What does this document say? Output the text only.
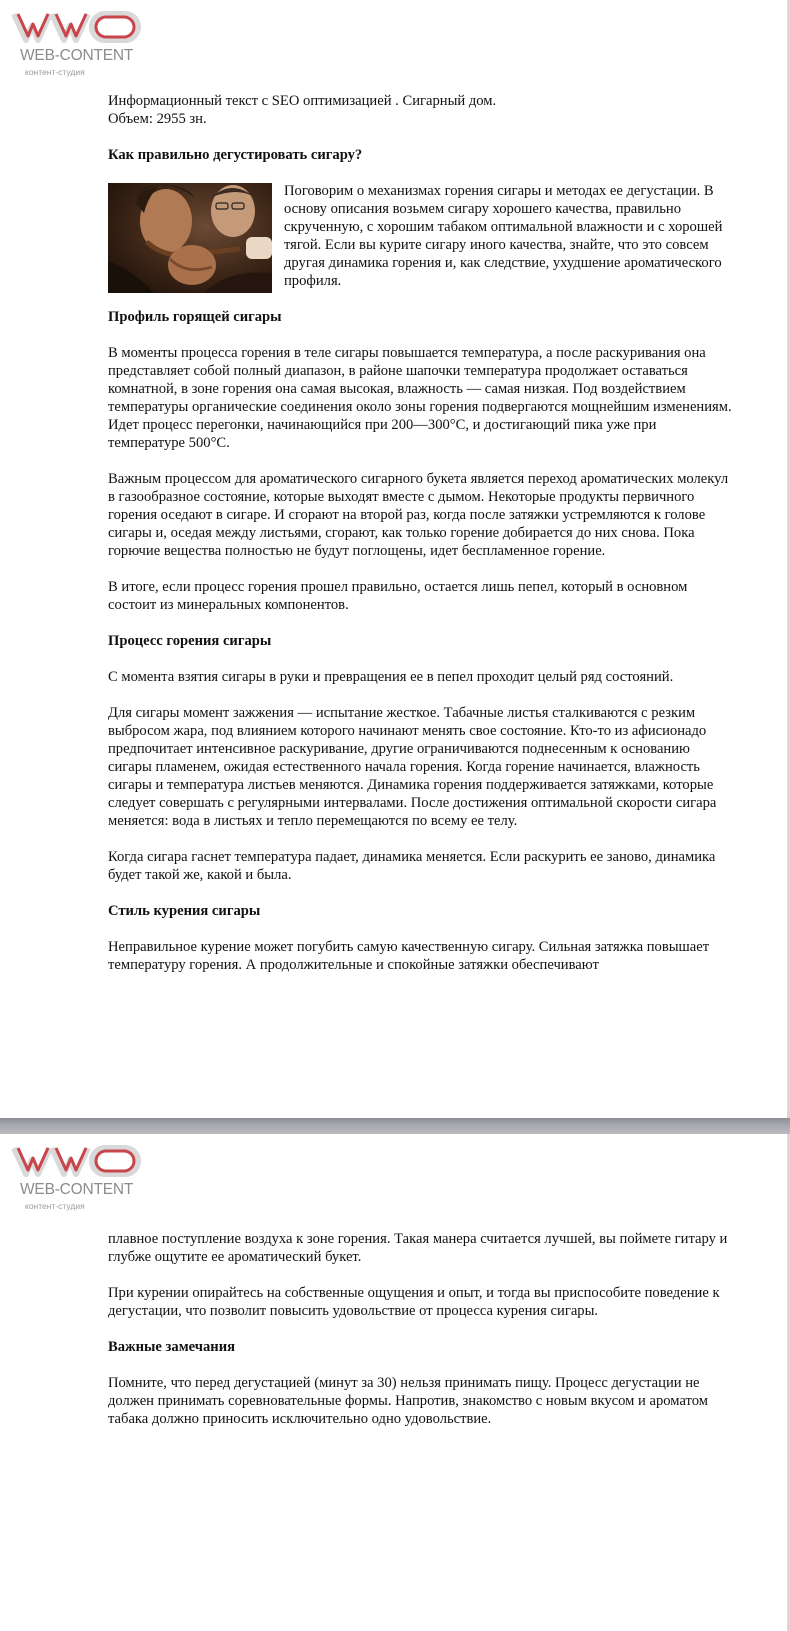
WEB-CONTENT
контент-студия
Информационный текст с SEO оптимизацией . Сигарный дом.
Объем: 2955 зн.
Как правильно дегустировать сигару?

Поговорим о механизмах горения сигары и методах ее дегустации. В основу описания возьмем сигару хорошего качества, правильно скрученную, с хорошим табаком оптимальной влажности и с хорошей тягой. Если вы курите сигару иного качества, знайте, что это совсем другая динамика горения и, как следствие, ухудшение ароматического профиля.

Профиль горящей сигары

В моменты процесса горения в теле сигары повышается температура, а после раскуривания она представляет собой полный диапазон, в районе шапочки температура продолжает оставаться комнатной, в зоне горения она самая высокая, влажность — самая низкая. Под воздействием температуры органические соединения около зоны горения подвергаются мощнейшим изменениям. Идет процесс перегонки, начинающийся при 200—300°С, и достигающий пика уже при температуре 500°С.

Важным процессом для ароматического сигарного букета является переход ароматических молекул в газообразное состояние, которые выходят вместе с дымом. Некоторые продукты первичного горения оседают в сигаре. И сгорают на второй раз, когда после затяжки устремляются к голове сигары и, оседая между листьями, сгорают, как только горение добирается до них снова. Пока горючие вещества полностью не будут поглощены, идет беспламенное горение.

В итоге, если процесс горения прошел правильно, остается лишь пепел, который в основном состоит из минеральных компонентов.

Процесс горения сигары

С момента взятия сигары в руки и превращения ее в пепел проходит целый ряд состояний.

Для сигары момент зажжения — испытание жесткое. Табачные листья сталкиваются с резким выбросом жара, под влиянием которого начинают менять свое состояние. Кто-то из афисионадо предпочитает интенсивное раскуривание, другие ограничиваются поднесенным к основанию сигары пламенем, ожидая естественного начала горения. Когда горение начинается, влажность сигары и температура листьев меняются. Динамика горения поддерживается затяжками, которые следует совершать с регулярными интервалами. После достижения оптимальной скорости сигара меняется: вода в листьях и тепло перемещаются по всему ее телу.

Когда сигара гаснет температура падает, динамика меняется. Если раскурить ее заново, динамика будет такой же, какой и была.

Стиль курения сигары

Неправильное курение может погубить самую качественную сигару. Сильная затяжка повышает температуру горения. А продолжительные и спокойные затяжки обеспечивают

WEB-CONTENT
контент-студия

плавное поступление воздуха к зоне горения. Такая манера считается лучшей, вы поймете гитару и глубже ощутите ее ароматический букет.

При курении опирайтесь на собственные ощущения и опыт, и тогда вы приспособите поведение к дегустации, что позволит повысить удовольствие от процесса курения сигары.

Важные замечания

Помните, что перед дегустацией (минут за 30) нельзя принимать пищу. Процесс дегустации не должен принимать соревновательные формы. Напротив, знакомство с новым вкусом и ароматом табака должно приносить исключительно одно удовольствие.
